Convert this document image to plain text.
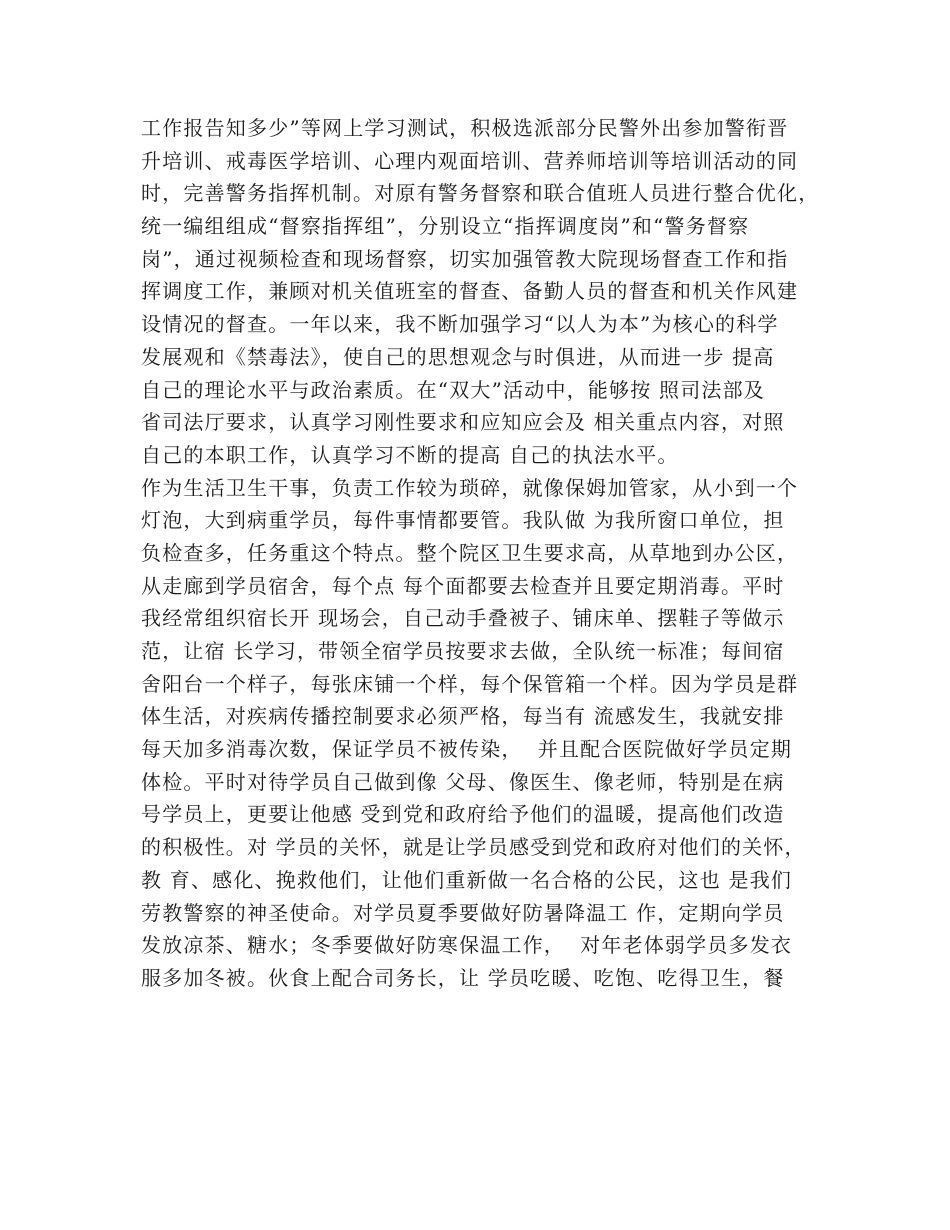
工作报告知多少”等网上学习测试，积极选派部分民警外出参加警衔晋
升培训、戒毒医学培训、心理内观面培训、营养师培训等培训活动的同
时，完善警务指挥机制。对原有警务督察和联合值班人员进行整合优化，
统一编组组成“督察指挥组”，分别设立“指挥调度岗”和“警务督察
岗”，通过视频检查和现场督察，切实加强管教大院现场督查工作和指
挥调度工作，兼顾对机关值班室的督查、备勤人员的督查和机关作风建
设情况的督查。一年以来，我不断加强学习“以人为本”为核心的科学
发展观和《禁毒法》，使自己的思想观念与时俱进，从而进一步 提高
自己的理论水平与政治素质。在“双大”活动中，能够按 照司法部及
省司法厅要求，认真学习刚性要求和应知应会及 相关重点内容，对照
自己的本职工作，认真学习不断的提高 自己的执法水平。
作为生活卫生干事，负责工作较为琐碎，就像保姆加管家，从小到一个
灯泡，大到病重学员，每件事情都要管。我队做 为我所窗口单位，担
负检查多，任务重这个特点。整个院区卫生要求高，从草地到办公区，
从走廊到学员宿舍，每个点 每个面都要去检查并且要定期消毒。平时
我经常组织宿长开 现场会，自己动手叠被子、铺床单、摆鞋子等做示
范，让宿 长学习，带领全宿学员按要求去做，全队统一标准；每间宿
舍阳台一个样子，每张床铺一个样，每个保管箱一个样。因为学员是群
体生活，对疾病传播控制要求必须严格，每当有 流感发生，我就安排
每天加多消毒次数，保证学员不被传染，  并且配合医院做好学员定期
体检。平时对待学员自己做到像 父母、像医生、像老师，特别是在病
号学员上，更要让他感 受到党和政府给予他们的温暖，提高他们改造
的积极性。对 学员的关怀，就是让学员感受到党和政府对他们的关怀，
教 育、感化、挽救他们，让他们重新做一名合格的公民，这也 是我们
劳教警察的神圣使命。对学员夏季要做好防暑降温工 作，定期向学员
发放凉茶、糖水；冬季要做好防寒保温工作，  对年老体弱学员多发衣
服多加冬被。伙食上配合司务长，让 学员吃暖、吃饱、吃得卫生，餐
